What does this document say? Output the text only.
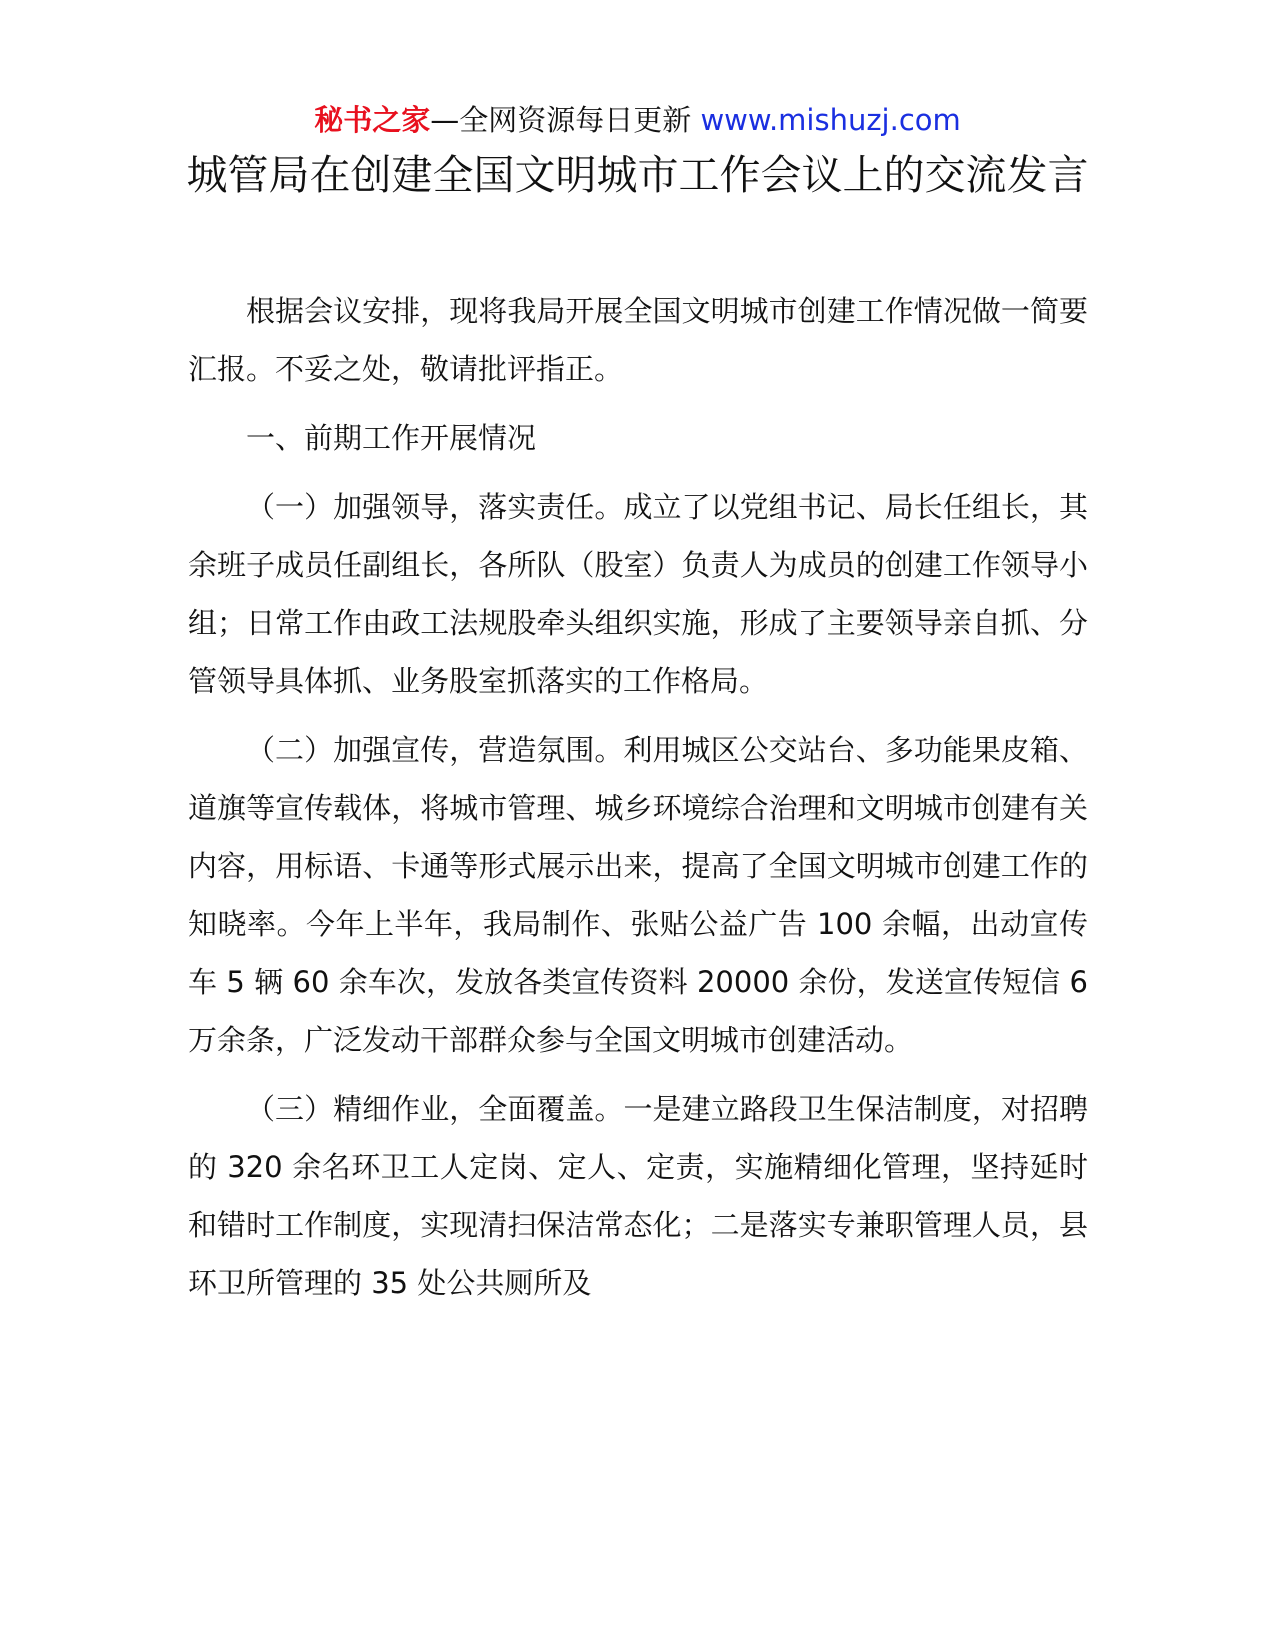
秘书之家—全网资源每日更新 www.mishuzj.com
城管局在创建全国文明城市工作会议上的交流发言

根据会议安排，现将我局开展全国文明城市创建工作情况做一简要汇报。不妥之处，敬请批评指正。

一、前期工作开展情况

（一）加强领导，落实责任。成立了以党组书记、局长任组长，其余班子成员任副组长，各所队（股室）负责人为成员的创建工作领导小组；日常工作由政工法规股牵头组织实施，形成了主要领导亲自抓、分管领导具体抓、业务股室抓落实的工作格局。

（二）加强宣传，营造氛围。利用城区公交站台、多功能果皮箱、道旗等宣传载体，将城市管理、城乡环境综合治理和文明城市创建有关内容，用标语、卡通等形式展示出来，提高了全国文明城市创建工作的知晓率。今年上半年，我局制作、张贴公益广告 100 余幅，出动宣传车 5 辆 60 余车次，发放各类宣传资料 20000 余份，发送宣传短信 6 万余条，广泛发动干部群众参与全国文明城市创建活动。

（三）精细作业，全面覆盖。一是建立路段卫生保洁制度，对招聘的 320 余名环卫工人定岗、定人、定责，实施精细化管理，坚持延时和错时工作制度，实现清扫保洁常态化；二是落实专兼职管理人员，县环卫所管理的 35 处公共厕所及
